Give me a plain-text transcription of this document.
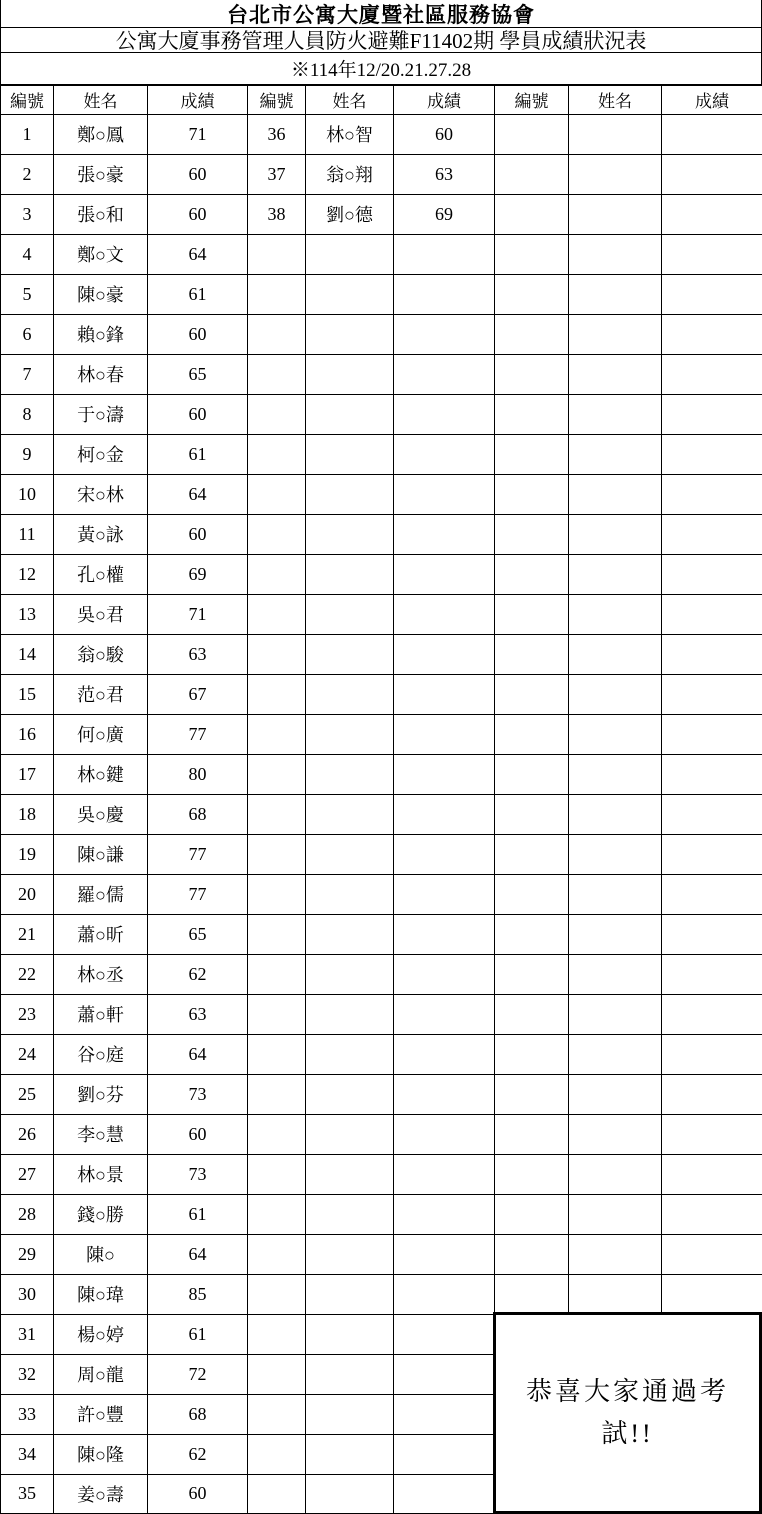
台北市公寓大廈暨社區服務協會
公寓大廈事務管理人員防火避難F11402期 學員成績狀況表
※114年12/20.21.27.28
編號	姓名	成績	編號	姓名	成績	編號	姓名	成績
1	鄭○鳳	71	36	林○智	60			
2	張○豪	60	37	翁○翔	63			
3	張○和	60	38	劉○德	69			
4	鄭○文	64						
5	陳○豪	61						
6	賴○鋒	60						
7	林○春	65						
8	于○濤	60						
9	柯○金	61						
10	宋○林	64						
11	黃○詠	60						
12	孔○權	69						
13	吳○君	71						
14	翁○駿	63						
15	范○君	67						
16	何○廣	77						
17	林○鍵	80						
18	吳○慶	68						
19	陳○謙	77						
20	羅○儒	77						
21	蕭○昕	65						
22	林○丞	62						
23	蕭○軒	63						
24	谷○庭	64						
25	劉○芬	73						
26	李○慧	60						
27	林○景	73						
28	錢○勝	61						
29	陳○	64						
30	陳○瑋	85						
31	楊○婷	61						
32	周○龍	72						
33	許○豐	68						
34	陳○隆	62						
35	姜○壽	60						
恭喜大家通過考試!!
